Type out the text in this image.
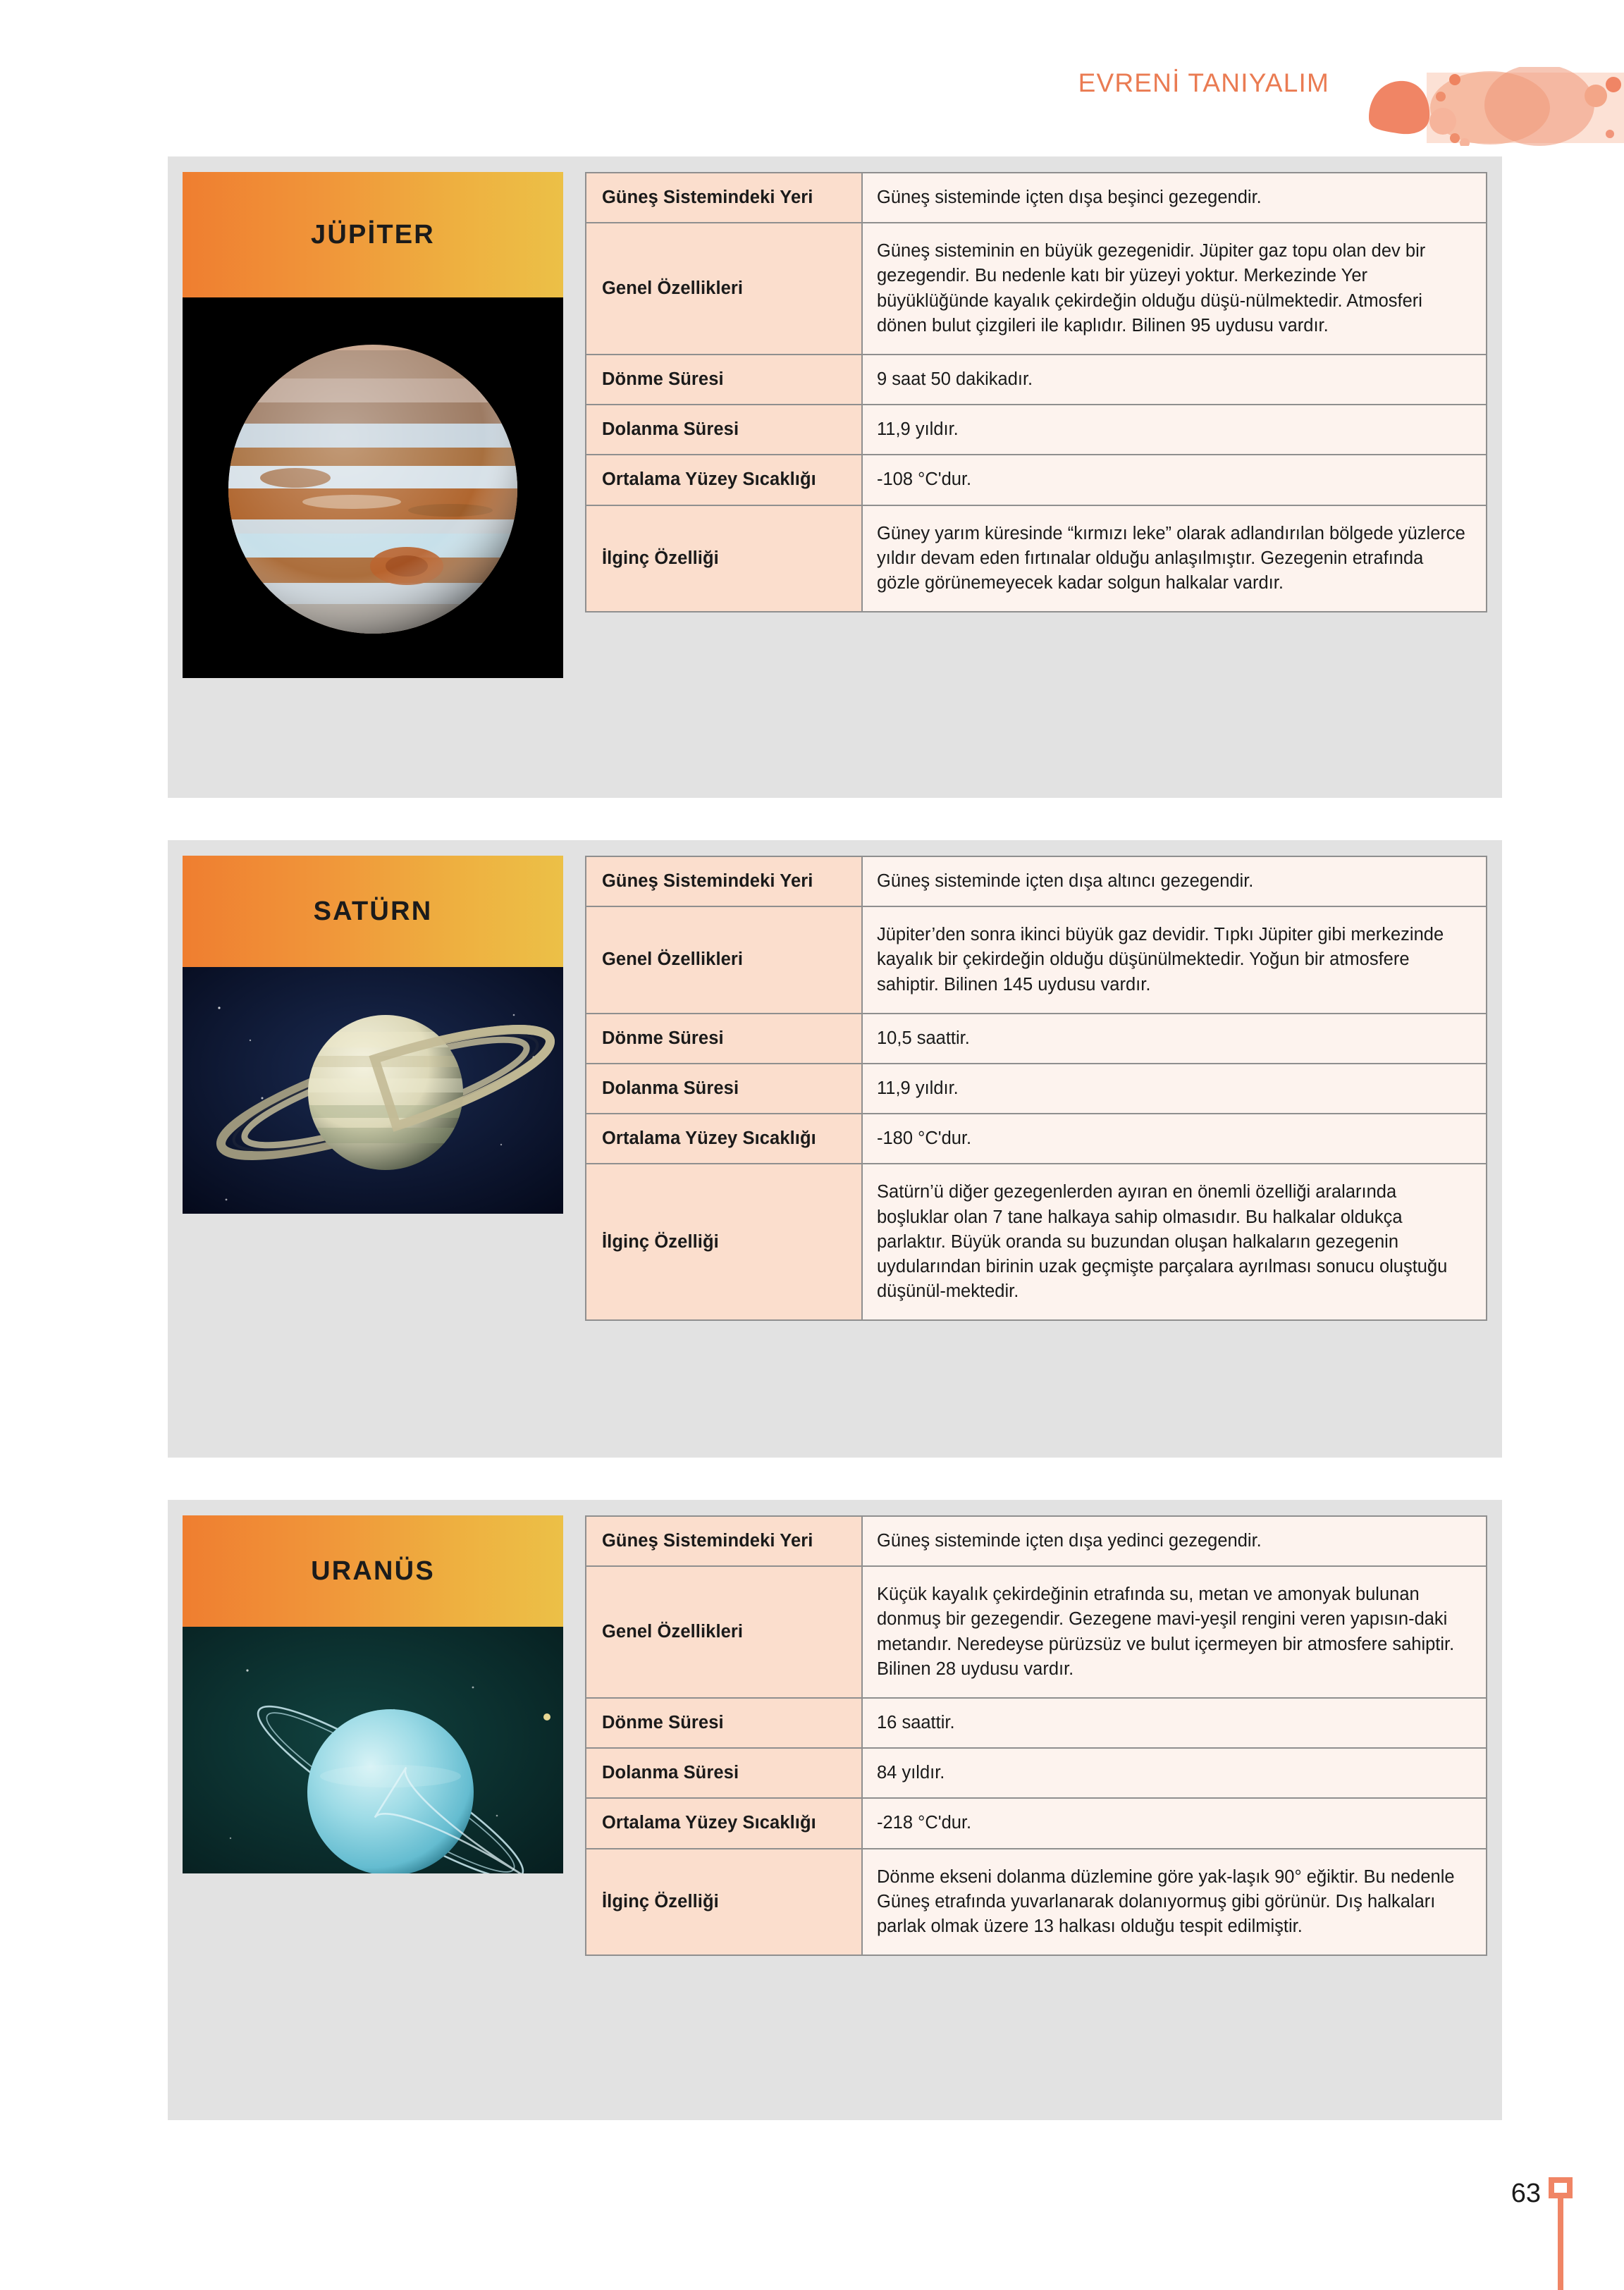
EVRENİ TANIYALIM
JÜPİTER
Güneş Sistemindeki Yeri	Güneş sisteminde içten dışa beşinci gezegendir.
Genel Özellikleri	Güneş sisteminin en büyük gezegenidir. Jüpiter gaz topu olan dev bir gezegendir. Bu nedenle katı bir yüzeyi yoktur. Merkezinde Yer büyüklüğünde kayalık çekirdeğin olduğu düşü-nülmektedir. Atmosferi dönen bulut çizgileri ile kaplıdır. Bilinen 95 uydusu vardır.
Dönme Süresi	9 saat 50 dakikadır.
Dolanma Süresi	11,9 yıldır.
Ortalama Yüzey Sıcaklığı	-108 °C'dur.
İlginç Özelliği	Güney yarım küresinde “kırmızı leke” olarak adlandırılan bölgede yüzlerce yıldır devam eden fırtınalar olduğu anlaşılmıştır. Gezegenin etrafında gözle görünemeyecek kadar solgun halkalar vardır.
SATÜRN
Güneş Sistemindeki Yeri	Güneş sisteminde içten dışa altıncı gezegendir.
Genel Özellikleri	Jüpiter’den sonra ikinci büyük gaz devidir. Tıpkı Jüpiter gibi merkezinde kayalık bir çekirdeğin olduğu düşünülmektedir. Yoğun bir atmosfere sahiptir. Bilinen 145 uydusu vardır.
Dönme Süresi	10,5 saattir.
Dolanma Süresi	11,9 yıldır.
Ortalama Yüzey Sıcaklığı	-180 °C'dur.
İlginç Özelliği	Satürn’ü diğer gezegenlerden ayıran en önemli özelliği aralarında boşluklar olan 7 tane halkaya sahip olmasıdır. Bu halkalar oldukça parlaktır. Büyük oranda su buzundan oluşan halkaların gezegenin uydularından birinin uzak geçmişte parçalara ayrılması sonucu oluştuğu düşünül-mektedir.
URANÜS
Güneş Sistemindeki Yeri	Güneş sisteminde içten dışa yedinci gezegendir.
Genel Özellikleri	Küçük kayalık çekirdeğinin etrafında su, metan ve amonyak bulunan donmuş bir gezegendir. Gezegene mavi-yeşil rengini veren yapısın-daki metandır. Neredeyse pürüzsüz ve bulut içermeyen bir atmosfere sahiptir. Bilinen 28 uydusu vardır.
Dönme Süresi	16 saattir.
Dolanma Süresi	84 yıldır.
Ortalama Yüzey Sıcaklığı	-218 °C'dur.
İlginç Özelliği	Dönme ekseni dolanma düzlemine göre yak-laşık 90° eğiktir. Bu nedenle Güneş etrafında yuvarlanarak dolanıyormuş gibi görünür. Dış halkaları parlak olmak üzere 13 halkası olduğu tespit edilmiştir.
63
